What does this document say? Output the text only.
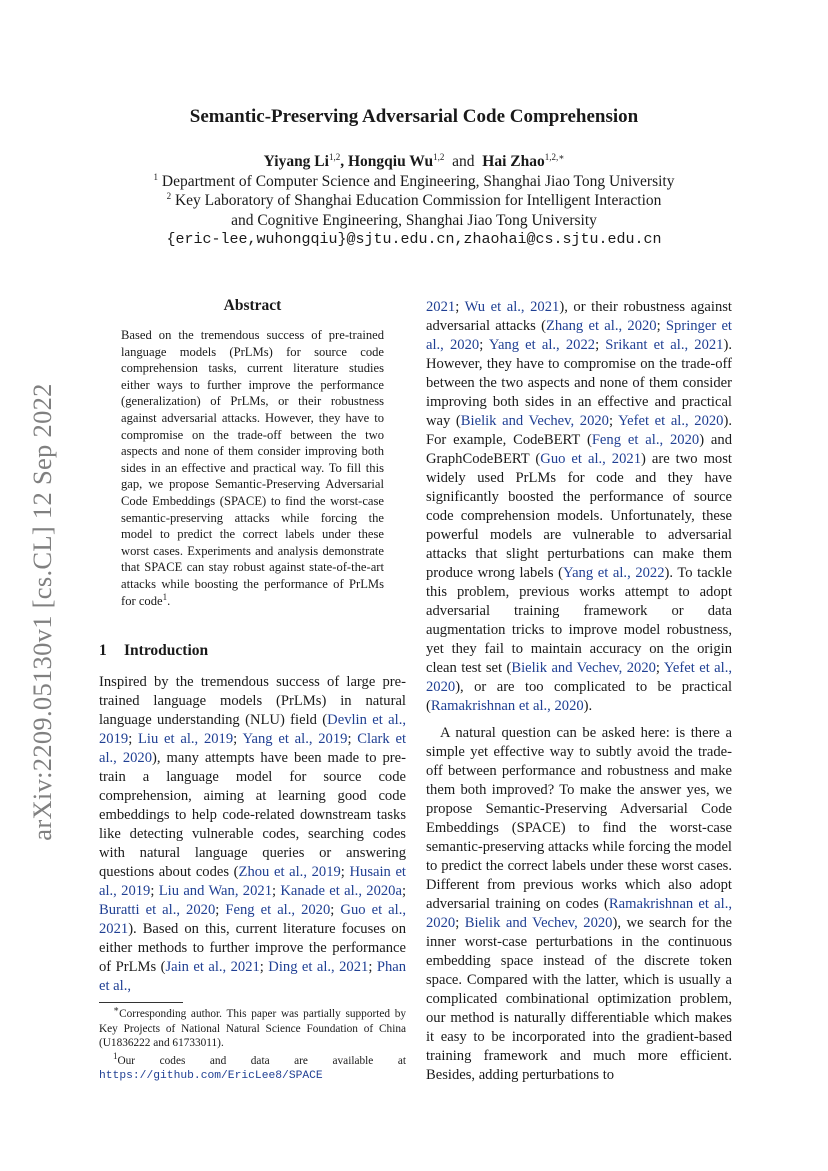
arXiv:2209.05130v1 [cs.CL] 12 Sep 2022
Semantic-Preserving Adversarial Code Comprehension
Yiyang Li$^{1,2}$, Hongqiu Wu$^{1,2}$ and Hai Zhao$^{1,2,∗}$
$^1$ Department of Computer Science and Engineering, Shanghai Jiao Tong University
$^2$ Key Laboratory of Shanghai Education Commission for Intelligent Interaction
and Cognitive Engineering, Shanghai Jiao Tong University
{eric-lee,wuhongqiu}@sjtu.edu.cn,zhaohai@cs.sjtu.edu.cn
Abstract

Based on the tremendous success of pre-trained language models (PrLMs) for source code comprehension tasks, current literature studies either ways to further improve the performance (generalization) of PrLMs, or their robustness against adversarial attacks. However, they have to compromise on the trade-off between the two aspects and none of them consider improving both sides in an effective and practical way. To fill this gap, we propose Semantic-Preserving Adversarial Code Embeddings (SPACE) to find the worst-case semantic-preserving attacks while forcing the model to predict the correct labels under these worst cases. Experiments and analysis demonstrate that SPACE can stay robust against state-of-the-art attacks while boosting the performance of PrLMs for code$^1$.

1 Introduction

Inspired by the tremendous success of large pre-trained language models (PrLMs) in natural language understanding (NLU) field (Devlin et al., 2019; Liu et al., 2019; Yang et al., 2019; Clark et al., 2020), many attempts have been made to pre-train a language model for source code comprehension, aiming at learning good code embeddings to help code-related downstream tasks like detecting vulnerable codes, searching codes with natural language queries or answering questions about codes (Zhou et al., 2019; Husain et al., 2019; Liu and Wan, 2021; Kanade et al., 2020a; Buratti et al., 2020; Feng et al., 2020; Guo et al., 2021). Based on this, current literature focuses on either methods to further improve the performance of PrLMs (Jain et al., 2021; Ding et al., 2021; Phan et al.,

∗Corresponding author. This paper was partially supported by Key Projects of National Natural Science Foundation of China (U1836222 and 61733011).

$^1$Our codes and data are available at https://github.com/EricLee8/SPACE

2021; Wu et al., 2021), or their robustness against adversarial attacks (Zhang et al., 2020; Springer et al., 2020; Yang et al., 2022; Srikant et al., 2021). However, they have to compromise on the trade-off between the two aspects and none of them consider improving both sides in an effective and practical way (Bielik and Vechev, 2020; Yefet et al., 2020). For example, CodeBERT (Feng et al., 2020) and GraphCodeBERT (Guo et al., 2021) are two most widely used PrLMs for code and they have significantly boosted the performance of source code comprehension models. Unfortunately, these powerful models are vulnerable to adversarial attacks that slight perturbations can make them produce wrong labels (Yang et al., 2022). To tackle this problem, previous works attempt to adopt adversarial training framework or data augmentation tricks to improve model robustness, yet they fail to maintain accuracy on the origin clean test set (Bielik and Vechev, 2020; Yefet et al., 2020), or are too complicated to be practical (Ramakrishnan et al., 2020).

A natural question can be asked here: is there a simple yet effective way to subtly avoid the trade-off between performance and robustness and make them both improved? To make the answer yes, we propose Semantic-Preserving Adversarial Code Embeddings (SPACE) to find the worst-case semantic-preserving attacks while forcing the model to predict the correct labels under these worst cases. Different from previous works which also adopt adversarial training on codes (Ramakrishnan et al., 2020; Bielik and Vechev, 2020), we search for the inner worst-case perturbations in the continuous embedding space instead of the discrete token space. Compared with the latter, which is usually a complicated combinational optimization problem, our method is naturally differentiable which makes it easy to be incorporated into the gradient-based training framework and much more efficient. Besides, adding perturbations to
